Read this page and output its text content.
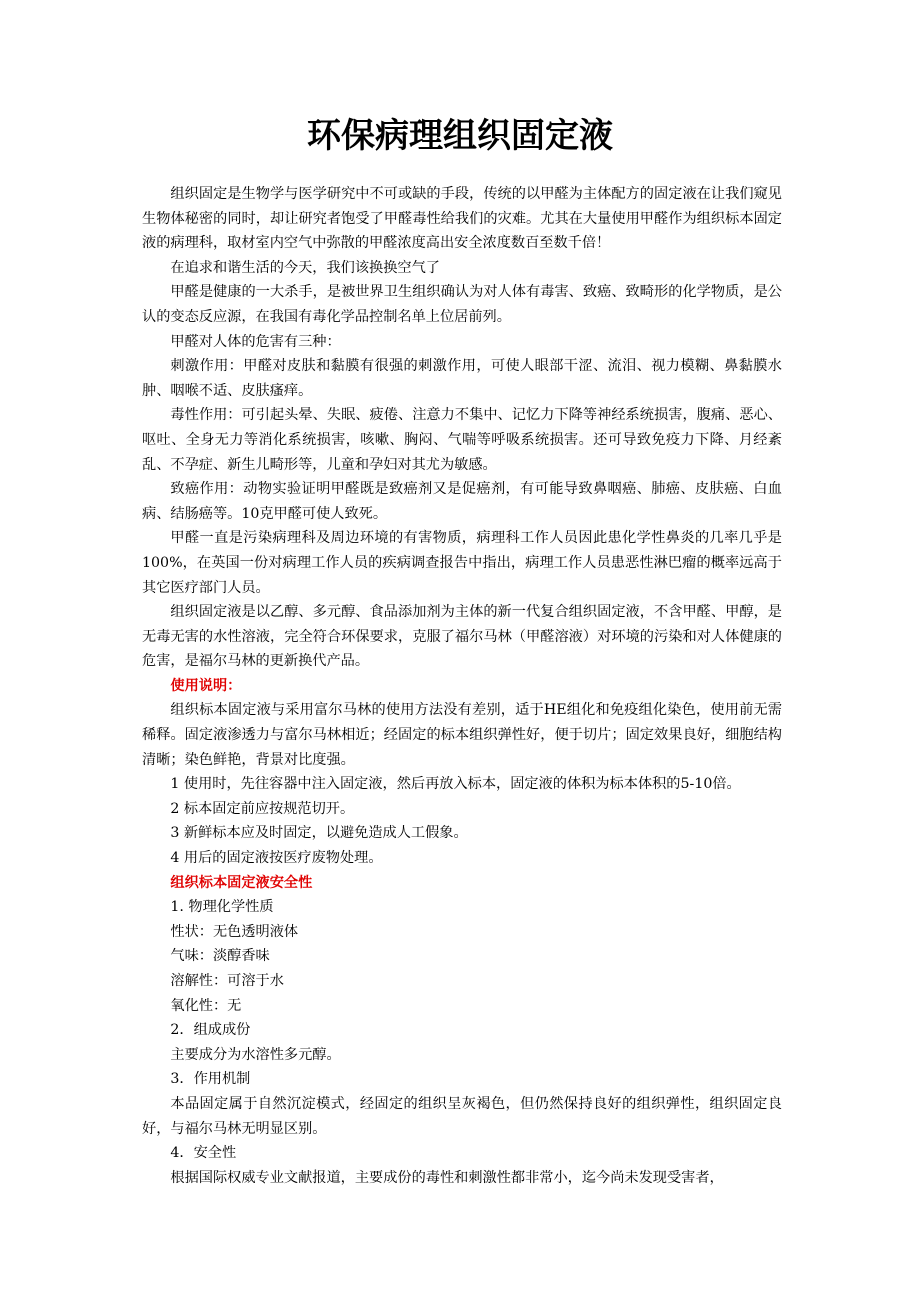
环保病理组织固定液

组织固定是生物学与医学研究中不可或缺的手段，传统的以甲醛为主体配方的固定液在让我们窥见生物体秘密的同时，却让研究者饱受了甲醛毒性给我们的灾难。尤其在大量使用甲醛作为组织标本固定液的病理科，取材室内空气中弥散的甲醛浓度高出安全浓度数百至数千倍！

在追求和谐生活的今天，我们该换换空气了

甲醛是健康的一大杀手，是被世界卫生组织确认为对人体有毒害、致癌、致畸形的化学物质，是公认的变态反应源，在我国有毒化学品控制名单上位居前列。

甲醛对人体的危害有三种：

刺激作用：甲醛对皮肤和黏膜有很强的刺激作用，可使人眼部干涩、流泪、视力模糊、鼻黏膜水肿、咽喉不适、皮肤瘙痒。

毒性作用：可引起头晕、失眠、疲倦、注意力不集中、记忆力下降等神经系统损害，腹痛、恶心、呕吐、全身无力等消化系统损害，咳嗽、胸闷、气喘等呼吸系统损害。还可导致免疫力下降、月经紊乱、不孕症、新生儿畸形等，儿童和孕妇对其尤为敏感。

致癌作用：动物实验证明甲醛既是致癌剂又是促癌剂，有可能导致鼻咽癌、肺癌、皮肤癌、白血病、结肠癌等。10克甲醛可使人致死。

甲醛一直是污染病理科及周边环境的有害物质，病理科工作人员因此患化学性鼻炎的几率几乎是100%，在英国一份对病理工作人员的疾病调查报告中指出，病理工作人员患恶性淋巴瘤的概率远高于其它医疗部门人员。

组织固定液是以乙醇、多元醇、食品添加剂为主体的新一代复合组织固定液，不含甲醛、甲醇，是无毒无害的水性溶液，完全符合环保要求，克服了福尔马林（甲醛溶液）对环境的污染和对人体健康的危害，是福尔马林的更新换代产品。

使用说明：

组织标本固定液与采用富尔马林的使用方法没有差别，适于HE组化和免疫组化染色，使用前无需稀释。固定液渗透力与富尔马林相近；经固定的标本组织弹性好，便于切片；固定效果良好，细胞结构清晰；染色鲜艳，背景对比度强。

1 使用时，先往容器中注入固定液，然后再放入标本，固定液的体积为标本体积的5-10倍。

2 标本固定前应按规范切开。

3 新鲜标本应及时固定，以避免造成人工假象。

4 用后的固定液按医疗废物处理。

组织标本固定液安全性

1. 物理化学性质

性状：无色透明液体

气味：淡醇香味

溶解性：可溶于水

氧化性：无

2．组成成份

主要成分为水溶性多元醇。

3．作用机制

本品固定属于自然沉淀模式，经固定的组织呈灰褐色，但仍然保持良好的组织弹性，组织固定良好，与福尔马林无明显区别。

4．安全性

根据国际权威专业文献报道，主要成份的毒性和刺激性都非常小，迄今尚未发现受害者，
